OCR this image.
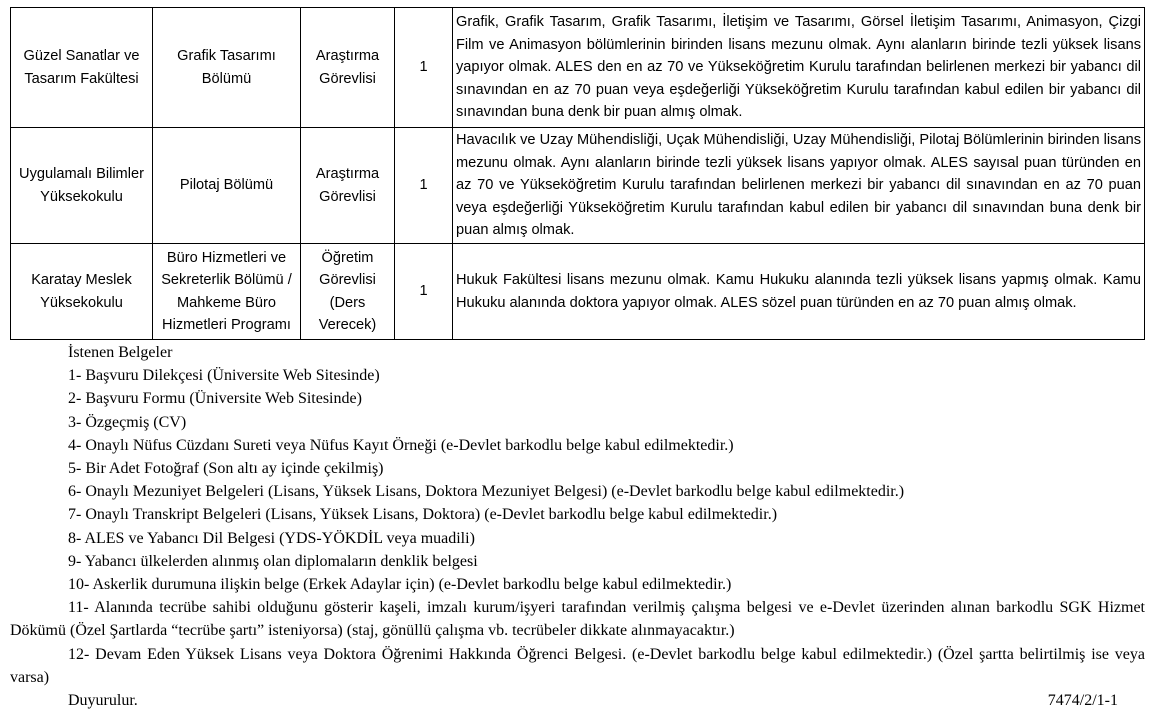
Güzel Sanatlar ve Tasarım Fakültesi	Grafik Tasarımı Bölümü	Araştırma Görevlisi	1	Grafik, Grafik Tasarım, Grafik Tasarımı, İletişim ve Tasarımı, Görsel İletişim Tasarımı, Animasyon, Çizgi Film ve Animasyon bölümlerinin birinden lisans mezunu olmak. Aynı alanların birinde tezli yüksek lisans yapıyor olmak. ALES den en az 70 ve Yükseköğretim Kurulu tarafından belirlenen merkezi bir yabancı dil sınavından en az 70 puan veya eşdeğerliği Yükseköğretim Kurulu tarafından kabul edilen bir yabancı dil sınavından buna denk bir puan almış olmak.
Uygulamalı Bilimler Yüksekokulu	Pilotaj Bölümü	Araştırma Görevlisi	1	Havacılık ve Uzay Mühendisliği, Uçak Mühendisliği, Uzay Mühendisliği, Pilotaj Bölümlerinin birinden lisans mezunu olmak. Aynı alanların birinde tezli yüksek lisans yapıyor olmak. ALES sayısal puan türünden en az 70 ve Yükseköğretim Kurulu tarafından belirlenen merkezi bir yabancı dil sınavından en az 70 puan veya eşdeğerliği Yükseköğretim Kurulu tarafından kabul edilen bir yabancı dil sınavından buna denk bir puan almış olmak.
Karatay Meslek Yüksekokulu	Büro Hizmetleri ve Sekreterlik Bölümü / Mahkeme Büro Hizmetleri Programı	Öğretim Görevlisi (Ders Verecek)	1	Hukuk Fakültesi lisans mezunu olmak. Kamu Hukuku alanında tezli yüksek lisans yapmış olmak. Kamu Hukuku alanında doktora yapıyor olmak. ALES sözel puan türünden en az 70 puan almış olmak.
İstenen Belgeler
1- Başvuru Dilekçesi (Üniversite Web Sitesinde)
2- Başvuru Formu (Üniversite Web Sitesinde)
3- Özgeçmiş (CV)
4- Onaylı Nüfus Cüzdanı Sureti veya Nüfus Kayıt Örneği (e-Devlet barkodlu belge kabul edilmektedir.)
5- Bir Adet Fotoğraf (Son altı ay içinde çekilmiş)
6- Onaylı Mezuniyet Belgeleri (Lisans, Yüksek Lisans, Doktora Mezuniyet Belgesi) (e-Devlet barkodlu belge kabul edilmektedir.)
7- Onaylı Transkript Belgeleri (Lisans, Yüksek Lisans, Doktora) (e-Devlet barkodlu belge kabul edilmektedir.)
8- ALES ve Yabancı Dil Belgesi (YDS-YÖKDİL veya muadili)
9- Yabancı ülkelerden alınmış olan diplomaların denklik belgesi
10- Askerlik durumuna ilişkin belge (Erkek Adaylar için) (e-Devlet barkodlu belge kabul edilmektedir.)
11- Alanında tecrübe sahibi olduğunu gösterir kaşeli, imzalı kurum/işyeri tarafından verilmiş çalışma belgesi ve e-Devlet üzerinden alınan barkodlu SGK Hizmet Dökümü (Özel Şartlarda “tecrübe şartı” isteniyorsa) (staj, gönüllü çalışma vb. tecrübeler dikkate alınmayacaktır.)
12- Devam Eden Yüksek Lisans veya Doktora Öğrenimi Hakkında Öğrenci Belgesi. (e-Devlet barkodlu belge kabul edilmektedir.) (Özel şartta belirtilmiş ise veya varsa)
Duyurulur.	7474/2/1-1
